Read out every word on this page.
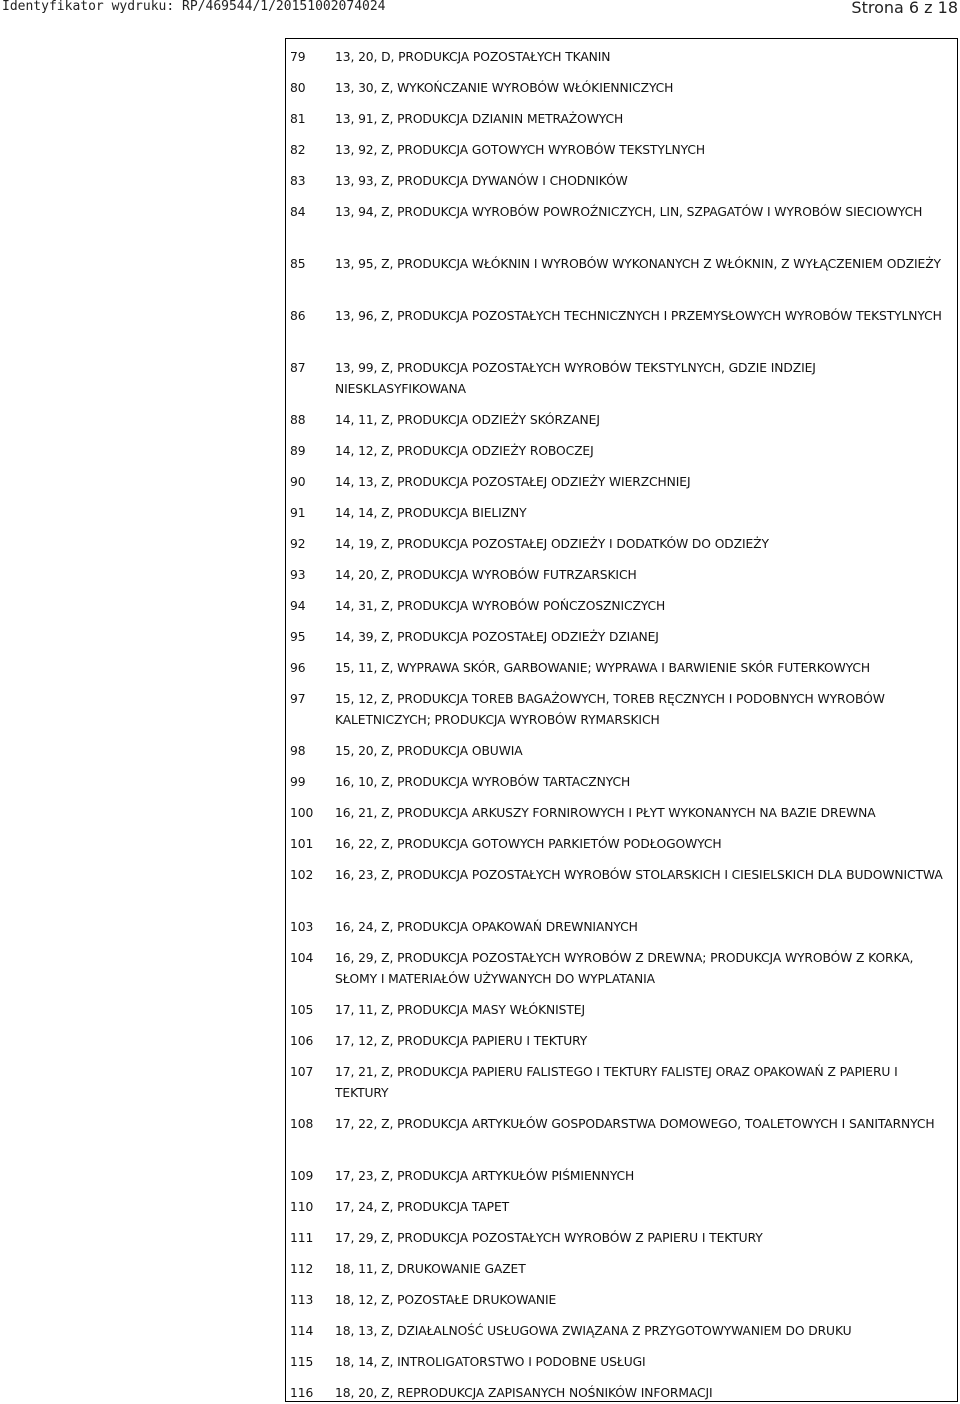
Identyfikator wydruku: RP/469544/1/20151002074024	Strona 6 z 18
79	13, 20, D, PRODUKCJA POZOSTAŁYCH TKANIN
80	13, 30, Z, WYKOŃCZANIE WYROBÓW WŁÓKIENNICZYCH
81	13, 91, Z, PRODUKCJA DZIANIN METRAŻOWYCH
82	13, 92, Z, PRODUKCJA GOTOWYCH WYROBÓW TEKSTYLNYCH
83	13, 93, Z, PRODUKCJA DYWANÓW I CHODNIKÓW
84	13, 94, Z, PRODUKCJA WYROBÓW POWROŹNICZYCH, LIN, SZPAGATÓW I WYROBÓW SIECIOWYCH
85	13, 95, Z, PRODUKCJA WŁÓKNIN I WYROBÓW WYKONANYCH Z WŁÓKNIN, Z WYŁĄCZENIEM ODZIEŻY
86	13, 96, Z, PRODUKCJA POZOSTAŁYCH TECHNICZNYCH I PRZEMYSŁOWYCH WYROBÓW TEKSTYLNYCH
87	13, 99, Z, PRODUKCJA POZOSTAŁYCH WYROBÓW TEKSTYLNYCH, GDZIE INDZIEJ NIESKLASYFIKOWANA
88	14, 11, Z, PRODUKCJA ODZIEŻY SKÓRZANEJ
89	14, 12, Z, PRODUKCJA ODZIEŻY ROBOCZEJ
90	14, 13, Z, PRODUKCJA POZOSTAŁEJ ODZIEŻY WIERZCHNIEJ
91	14, 14, Z, PRODUKCJA BIELIZNY
92	14, 19, Z, PRODUKCJA POZOSTAŁEJ ODZIEŻY I DODATKÓW DO ODZIEŻY
93	14, 20, Z, PRODUKCJA WYROBÓW FUTRZARSKICH
94	14, 31, Z, PRODUKCJA WYROBÓW POŃCZOSZNICZYCH
95	14, 39, Z, PRODUKCJA POZOSTAŁEJ ODZIEŻY DZIANEJ
96	15, 11, Z, WYPRAWA SKÓR, GARBOWANIE; WYPRAWA I BARWIENIE SKÓR FUTERKOWYCH
97	15, 12, Z, PRODUKCJA TOREB BAGAŻOWYCH, TOREB RĘCZNYCH I PODOBNYCH WYROBÓW KALETNICZYCH; PRODUKCJA WYROBÓW RYMARSKICH
98	15, 20, Z, PRODUKCJA OBUWIA
99	16, 10, Z, PRODUKCJA WYROBÓW TARTACZNYCH
100	16, 21, Z, PRODUKCJA ARKUSZY FORNIROWYCH I PŁYT WYKONANYCH NA BAZIE DREWNA
101	16, 22, Z, PRODUKCJA GOTOWYCH PARKIETÓW PODŁOGOWYCH
102	16, 23, Z, PRODUKCJA POZOSTAŁYCH WYROBÓW STOLARSKICH I CIESIELSKICH DLA BUDOWNICTWA
103	16, 24, Z, PRODUKCJA OPAKOWAŃ DREWNIANYCH
104	16, 29, Z, PRODUKCJA POZOSTAŁYCH WYROBÓW Z DREWNA; PRODUKCJA WYROBÓW Z KORKA, SŁOMY I MATERIAŁÓW UŻYWANYCH DO WYPLATANIA
105	17, 11, Z, PRODUKCJA MASY WŁÓKNISTEJ
106	17, 12, Z, PRODUKCJA PAPIERU I TEKTURY
107	17, 21, Z, PRODUKCJA PAPIERU FALISTEGO I TEKTURY FALISTEJ ORAZ OPAKOWAŃ Z PAPIERU I TEKTURY
108	17, 22, Z, PRODUKCJA ARTYKUŁÓW GOSPODARSTWA DOMOWEGO, TOALETOWYCH I SANITARNYCH
109	17, 23, Z, PRODUKCJA ARTYKUŁÓW PIŚMIENNYCH
110	17, 24, Z, PRODUKCJA TAPET
111	17, 29, Z, PRODUKCJA POZOSTAŁYCH WYROBÓW Z PAPIERU I TEKTURY
112	18, 11, Z, DRUKOWANIE GAZET
113	18, 12, Z, POZOSTAŁE DRUKOWANIE
114	18, 13, Z, DZIAŁALNOŚĆ USŁUGOWA ZWIĄZANA Z PRZYGOTOWYWANIEM DO DRUKU
115	18, 14, Z, INTROLIGATORSTWO I PODOBNE USŁUGI
116	18, 20, Z, REPRODUKCJA ZAPISANYCH NOŚNIKÓW INFORMACJI
